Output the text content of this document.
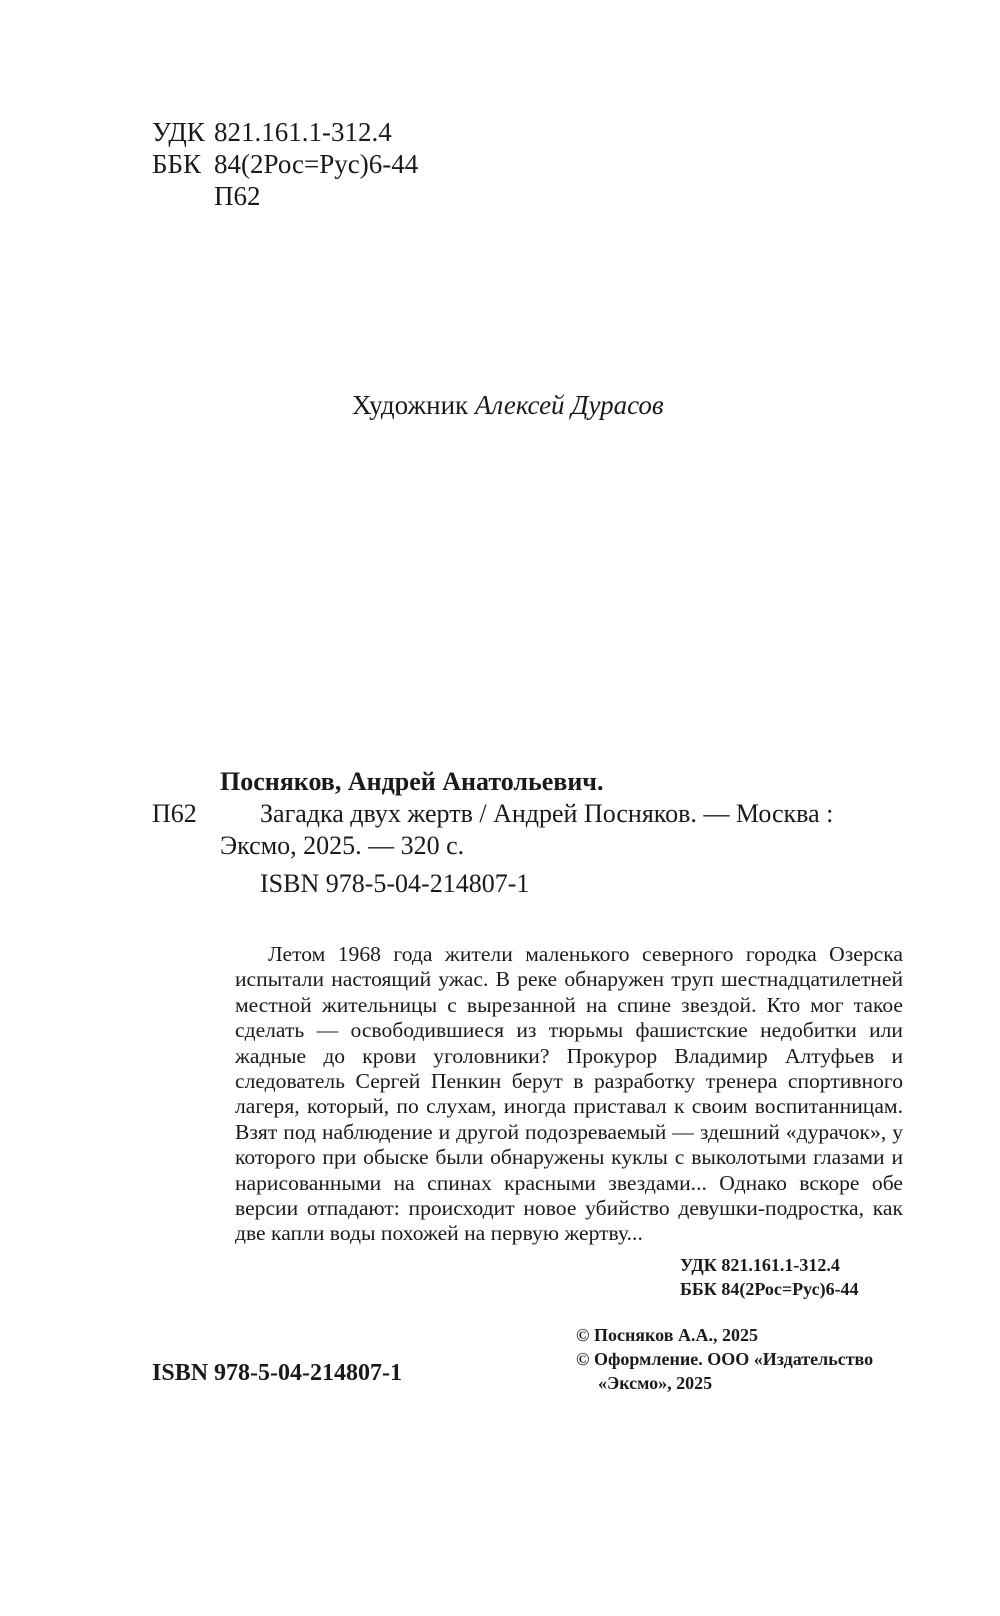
УДК 821.161.1-312.4
ББК 84(2Рос=Рус)6-44
П62
Художник Алексей Дурасов
Посняков, Андрей Анатольевич.
П62 Загадка двух жертв / Андрей Посняков. — Москва :
Эксмо, 2025. — 320 с.
ISBN 978-5-04-214807-1

Летом 1968 года жители маленького северного городка Озерска испытали настоящий ужас. В реке обнаружен труп шестнадцатилетней местной жительницы с вырезанной на спине звездой. Кто мог такое сделать — освободившиеся из тюрьмы фашистские недобитки или жадные до крови уголовники? Прокурор Владимир Алтуфьев и следователь Сергей Пенкин берут в разработку тренера спортивного лагеря, который, по слухам, иногда приставал к своим воспитанницам. Взят под наблюдение и другой подозреваемый — здешний «дурачок», у которого при обыске были обнаружены куклы с выколотыми глазами и нарисованными на спинах красными звездами... Однако вскоре обе версии отпадают: происходит новое убийство девушки-подростка, как две капли воды похожей на первую жертву...

УДК 821.161.1-312.4
ББК 84(2Рос=Рус)6-44
© Посняков А.А., 2025
© Оформление. ООО «Издательство
«Эксмо», 2025
ISBN 978-5-04-214807-1
